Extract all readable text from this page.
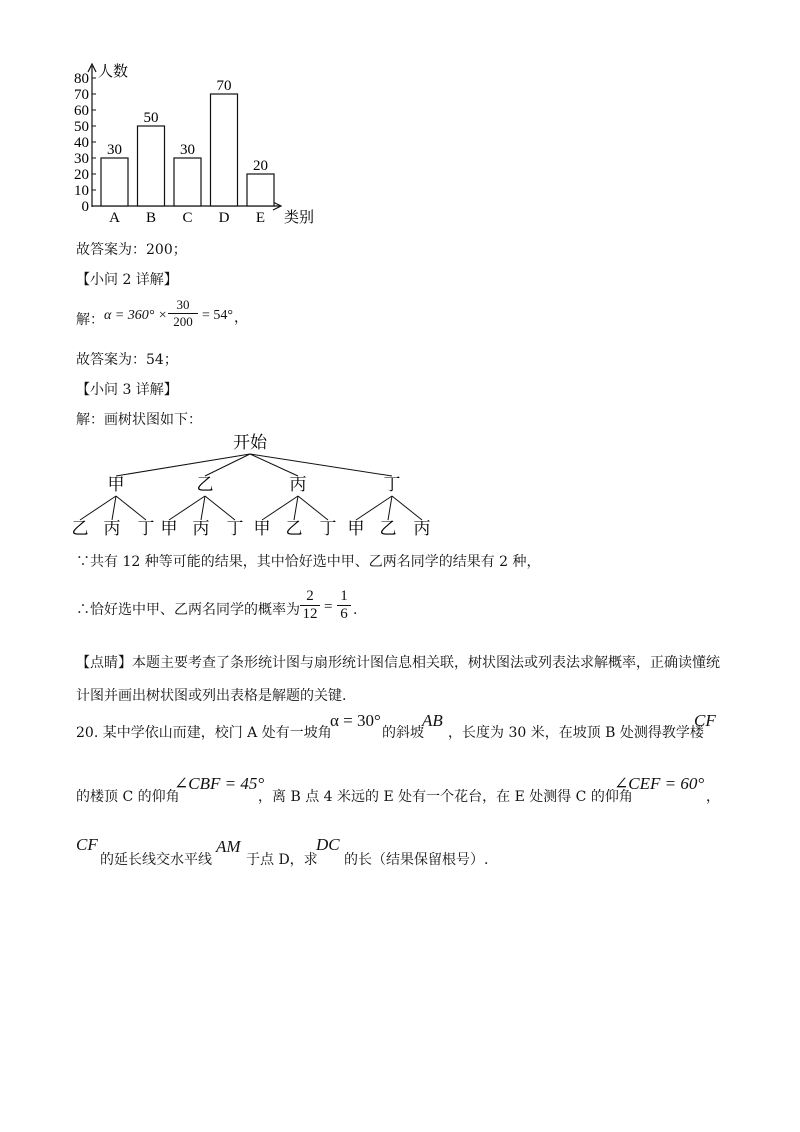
0
10
20
30
40
50
60
70
80 人数
类别
30
A
50
B
30
C
70
D
20
E
故答案为：200；
【小问 2 详解】
解： $\alpha = 360^\circ \times \frac{30}{200} = 54^\circ$ ，
故答案为：54；
【小问 3 详解】
解：画树状图如下：
开始
甲
乙 丙 丁
乙
甲 丙 丁
丙
甲 乙 丁
丁
甲 乙 丙
∵共有 12 种等可能的结果，其中恰好选中甲、乙两名同学的结果有 2 种，
∴恰好选中甲、乙两名同学的概率为 $\frac{2}{12} = \frac{1}{6}$ .
【点睛】本题主要考查了条形统计图与扇形统计图信息相关联，树状图法或列表法求解概率，正确读懂统
计图并画出树状图或列出表格是解题的关键.
20. 某中学依山而建，校门 A 处有一坡角
α = 30°
的斜坡
AB
，长度为 30 米，在坡顶 B 处测得教学楼
CF
的楼顶 C 的仰角
∠CBF = 45°
，离 B 点 4 米远的 E 处有一个花台，在 E 处测得 C 的仰角
∠CEF = 60°
，
CF
的延长线交水平线
AM
于点 D，求
DC
的长（结果保留根号）.
